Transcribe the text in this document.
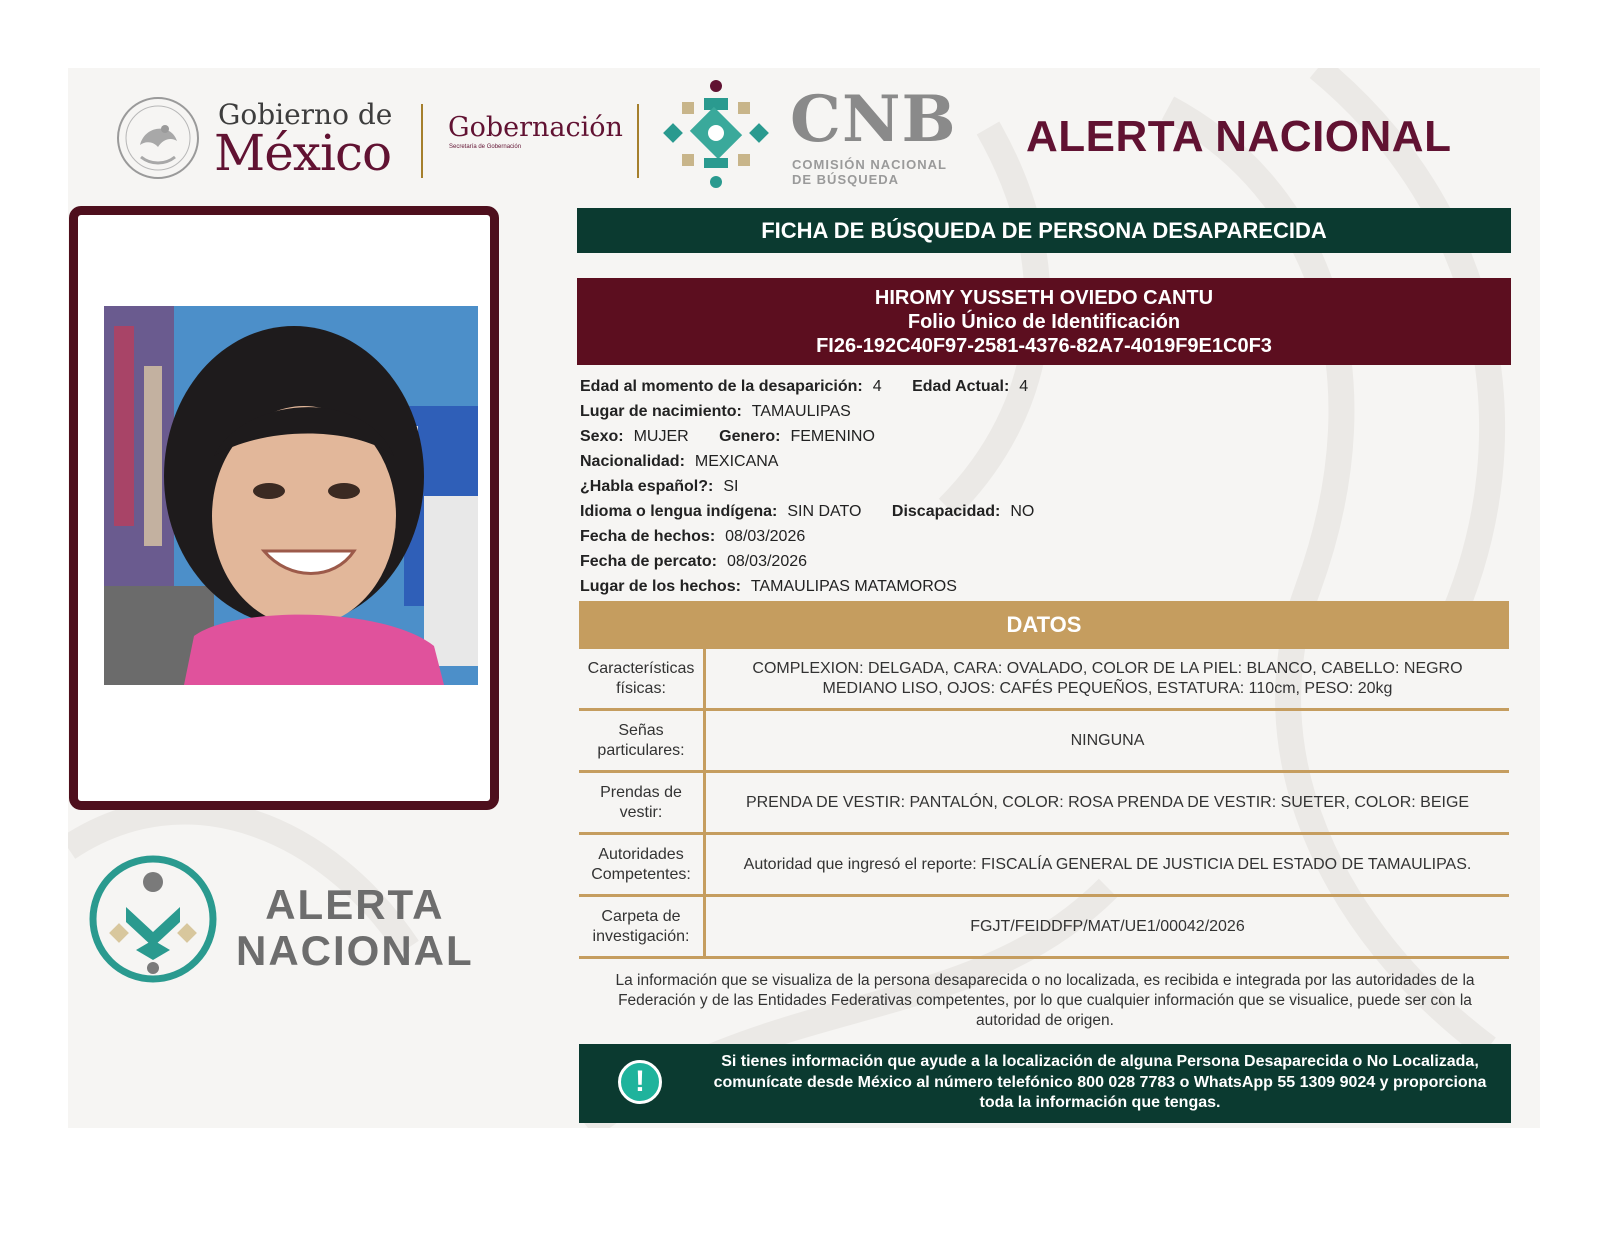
Gobierno de
México Gobernación
Secretaría de Gobernación	CNB
COMISIÓN NACIONAL
DE BÚSQUEDA
ALERTA NACIONAL
ALERTA
NACIONAL
FICHA DE BÚSQUEDA DE PERSONA DESAPARECIDA
HIROMY YUSSETH OVIEDO CANTU
Folio Único de Identificación
FI26-192C40F97-2581-4376-82A7-4019F9E1C0F3
Edad al momento de la desaparición: 4 Edad Actual: 4
Lugar de nacimiento: TAMAULIPAS
Sexo: MUJER Genero: FEMENINO
Nacionalidad: MEXICANA
¿Habla español?: SI
Idioma o lengua indígena: SIN DATO Discapacidad: NO
Fecha de hechos: 08/03/2026
Fecha de percato: 08/03/2026
Lugar de los hechos: TAMAULIPAS MATAMOROS
DATOS
Características físicas:	COMPLEXION: DELGADA, CARA: OVALADO, COLOR DE LA PIEL: BLANCO, CABELLO: NEGRO MEDIANO LISO, OJOS: CAFÉS PEQUEÑOS, ESTATURA: 110cm, PESO: 20kg
Señas particulares:	NINGUNA
Prendas de vestir:	PRENDA DE VESTIR: PANTALÓN, COLOR: ROSA PRENDA DE VESTIR: SUETER, COLOR: BEIGE
Autoridades Competentes:	Autoridad que ingresó el reporte: FISCALÍA GENERAL DE JUSTICIA DEL ESTADO DE TAMAULIPAS.
Carpeta de investigación:	FGJT/FEIDDFP/MAT/UE1/00042/2026
La información que se visualiza de la persona desaparecida o no localizada, es recibida e integrada por las autoridades de la Federación y de las Entidades Federativas competentes, por lo que cualquier información que se visualice, puede ser con la autoridad de origen.
!
Si tienes información que ayude a la localización de alguna Persona Desaparecida o No Localizada, comunícate desde México al número telefónico 800 028 7783 o WhatsApp 55 1309 9024 y proporciona toda la información que tengas.
